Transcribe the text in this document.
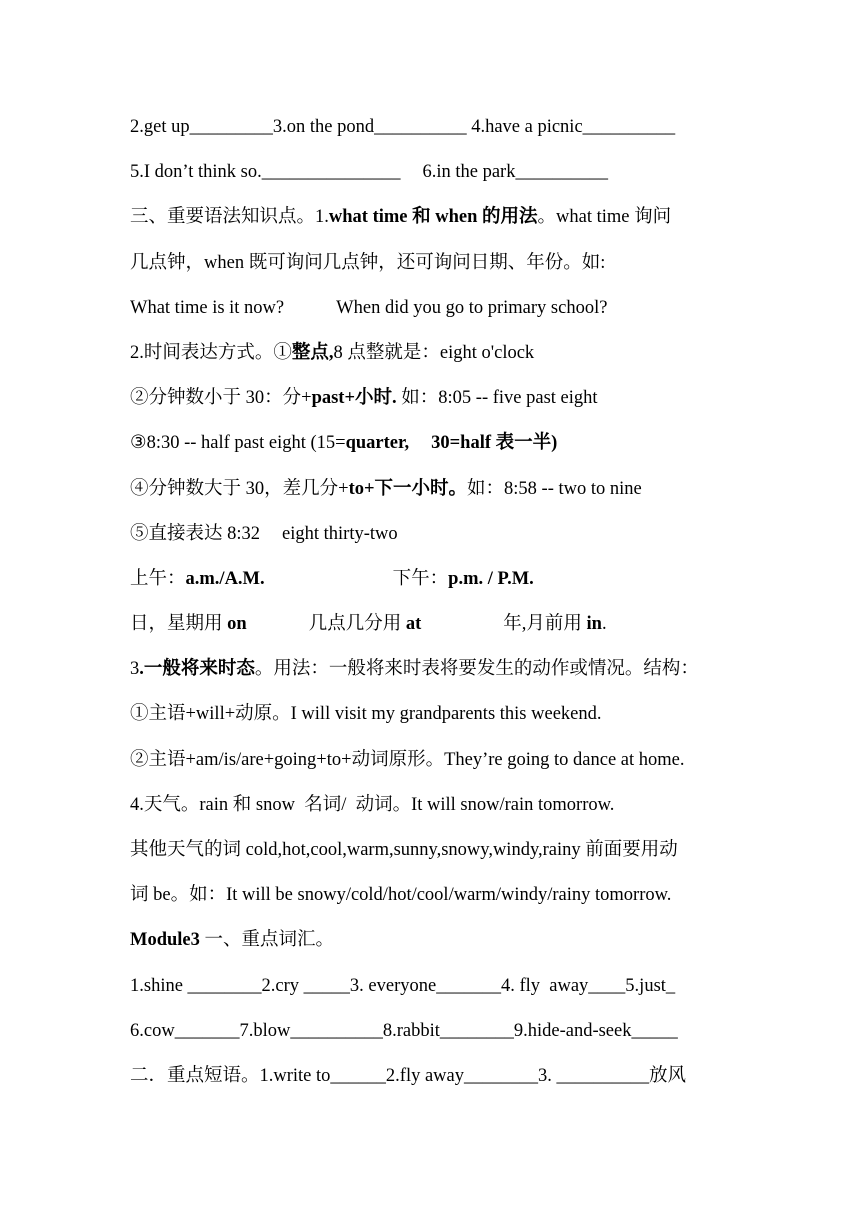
2.get up_________3.on the pond__________ 4.have a picnic__________
5.I don’t think so._______________ 6.in the park__________
三、重要语法知识点。1.what time 和 when 的用法。what time 询问
几点钟，when 既可询问几点钟，还可询问日期、年份。如:
What time is it now?	When did you go to primary school?
2.时间表达方式。①整点,8 点整就是：eight o'clock
②分钟数小于 30：分+past+小时. 如：8:05 -- five past eight
③8:30 -- half past eight (15=quarter, 30=half 表一半)
④分钟数大于 30，差几分+to+下一小时。如：8:58 -- two to nine
⑤直接表达 8:32 eight thirty-two
上午：a.m./A.M.	下午：p.m. / P.M.
日，星期用 on	几点几分用 at	年,月前用 in.
3.一般将来时态。用法：一般将来时表将要发生的动作或情况。结构：
①主语+will+动原。I will visit my grandparents this weekend.
②主语+am/is/are+going+to+动词原形。They’re going to dance at home.
4.天气。rain 和 snow  名词/  动词。It will snow/rain tomorrow.
其他天气的词 cold,hot,cool,warm,sunny,snowy,windy,rainy 前面要用动
词 be。如：It will be snowy/cold/hot/cool/warm/windy/rainy tomorrow.
Module3 一、重点词汇。
1.shine ________2.cry _____3. everyone_______4. fly  away____5.just_
6.cow_______7.blow__________8.rabbit________9.hide-and-seek_____
二．重点短语。1.write to______2.fly away________3. __________放风
